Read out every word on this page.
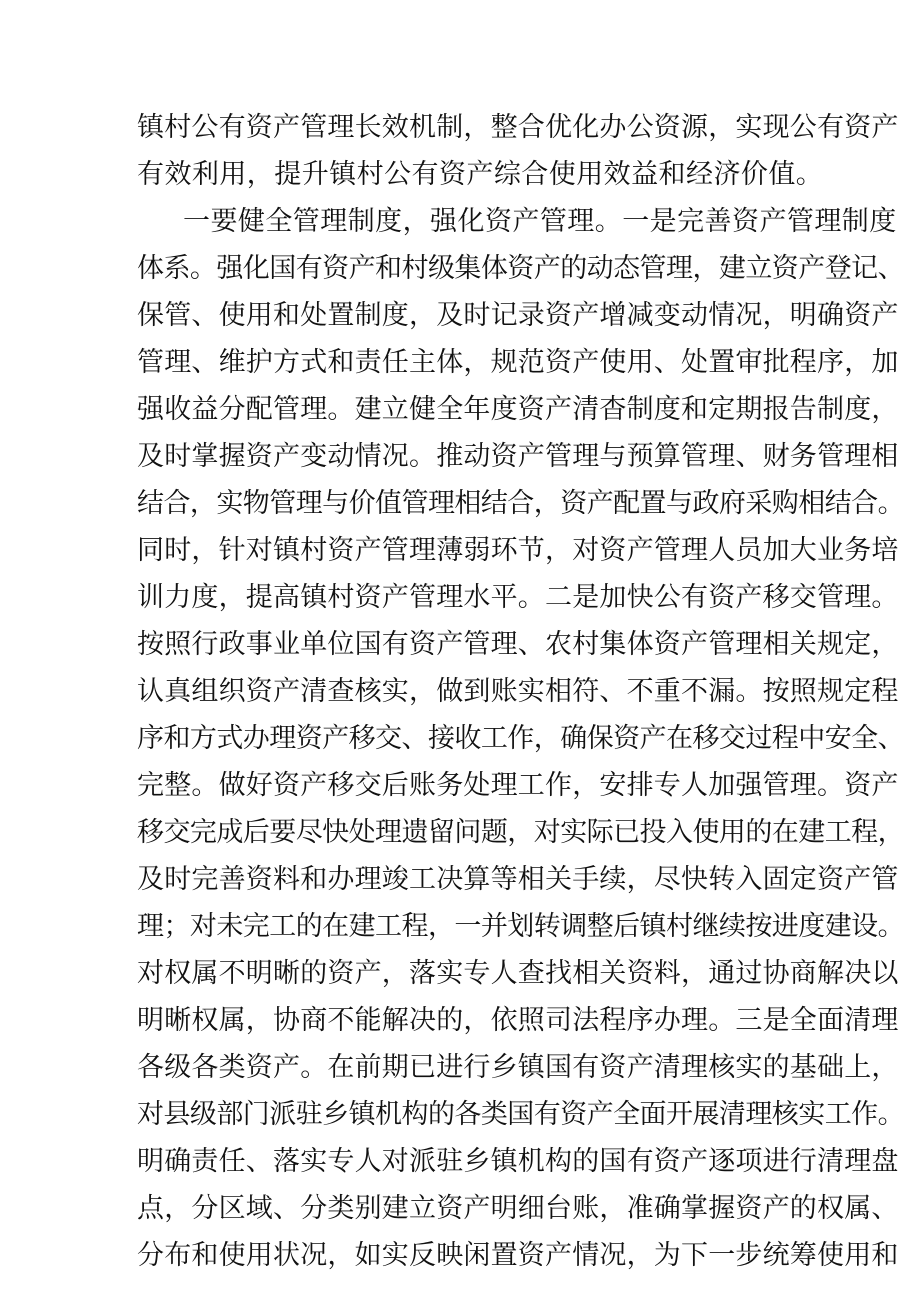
镇村公有资产管理长效机制，整合优化办公资源，实现公有资产
有效利用，提升镇村公有资产综合使用效益和经济价值。
一要健全管理制度，强化资产管理。一是完善资产管理制度
体系。强化国有资产和村级集体资产的动态管理，建立资产登记、
保管、使用和处置制度，及时记录资产增减变动情况，明确资产
管理、维护方式和责任主体，规范资产使用、处置审批程序，加
强收益分配管理。建立健全年度资产清杳制度和定期报告制度，
及时掌握资产变动情况。推动资产管理与预算管理、财务管理相
结合，实物管理与价值管理相结合，资产配置与政府采购相结合。
同时，针对镇村资产管理薄弱环节，对资产管理人员加大业务培
训力度，提高镇村资产管理水平。二是加快公有资产移交管理。
按照行政事业单位国有资产管理、农村集体资产管理相关规定，
认真组织资产清查核实，做到账实相符、不重不漏。按照规定程
序和方式办理资产移交、接收工作，确保资产在移交过程中安全、
完整。做好资产移交后账务处理工作，安排专人加强管理。资产
移交完成后要尽快处理遗留问题，对实际已投入使用的在建工程，
及时完善资料和办理竣工决算等相关手续，尽快转入固定资产管
理；对未完工的在建工程，一并划转调整后镇村继续按进度建设。
对权属不明晰的资产，落实专人查找相关资料，通过协商解决以
明晰权属，协商不能解决的，依照司法程序办理。三是全面清理
各级各类资产。在前期已进行乡镇国有资产清理核实的基础上，
对县级部门派驻乡镇机构的各类国有资产全面开展清理核实工作。
明确责任、落实专人对派驻乡镇机构的国有资产逐项进行清理盘
点，分区域、分类别建立资产明细台账，准确掌握资产的权属、
分布和使用状况，如实反映闲置资产情况，为下一步统筹使用和
